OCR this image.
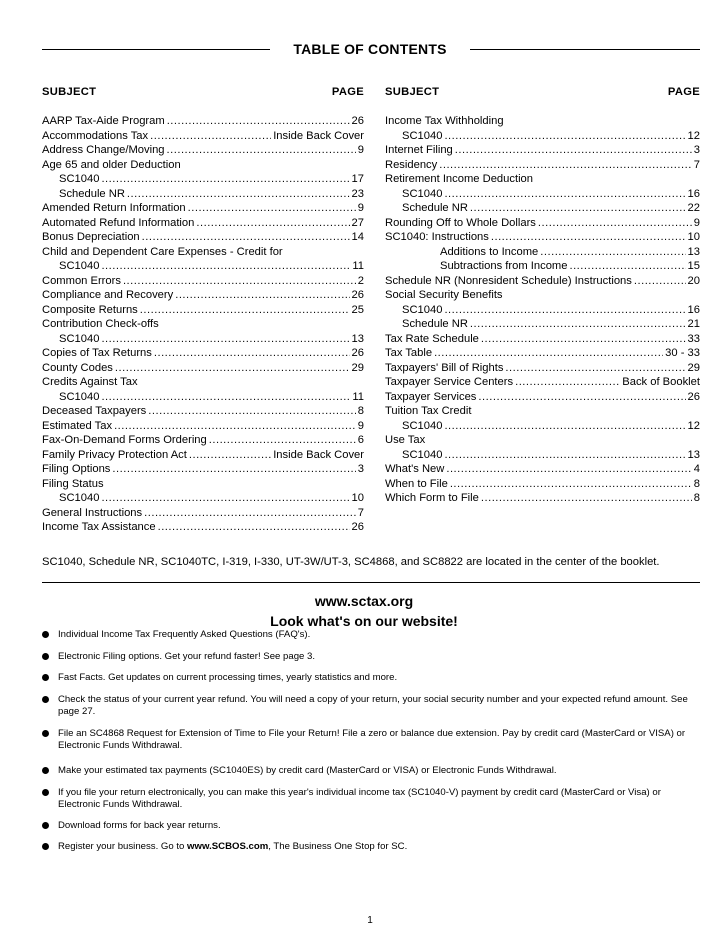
TABLE OF CONTENTS
SUBJECT	PAGE
AARP Tax-Aide Program .....	26
Accommodations Tax .....	Inside Back Cover
Address Change/Moving .....	9
Age 65 and older Deduction
SC1040 .....	17
Schedule NR .....	23
Amended Return Information .....	9
Automated Refund Information .....	27
Bonus Depreciation .....	14
Child and Dependent Care Expenses - Credit for
SC1040 .....	11
Common Errors .....	2
Compliance and Recovery .....	26
Composite Returns .....	25
Contribution Check-offs
SC1040 .....	13
Copies of Tax Returns .....	26
County Codes .....	29
Credits Against Tax
SC1040 .....	11
Deceased Taxpayers .....	8
Estimated Tax .....	9
Fax-On-Demand Forms Ordering .....	6
Family Privacy Protection Act .....	Inside Back Cover
Filing Options .....	3
Filing Status
SC1040 .....	10
General Instructions .....	7
Income Tax Assistance .....	26
SUBJECT	PAGE
Income Tax Withholding
SC1040 .....	12
Internet Filing .....	3
Residency .....	7
Retirement Income Deduction
SC1040 .....	16
Schedule NR .....	22
Rounding Off to Whole Dollars .....	9
SC1040: Instructions .....	10
Additions to Income .....	13
Subtractions from Income .....	15
Schedule NR (Nonresident Schedule) Instructions .....	20
Social Security Benefits
SC1040 .....	16
Schedule NR .....	21
Tax Rate Schedule .....	33
Tax Table .....	30 - 33
Taxpayers' Bill of Rights .....	29
Taxpayer Service Centers .....	Back of Booklet
Taxpayer Services .....	26
Tuition Tax Credit
SC1040 .....	12
Use Tax
SC1040 .....	13
What's New .....	4
When to File .....	8
Which Form to File .....	8
SC1040, Schedule NR, SC1040TC, I-319, I-330, UT-3W/UT-3, SC4868, and SC8822 are located in the center of the booklet.
www.sctax.org
Look what's on our website!
Individual Income Tax Frequently Asked Questions (FAQ's).
Electronic Filing options. Get your refund faster! See page 3.
Fast Facts. Get updates on current processing times, yearly statistics and more.
Check the status of your current year refund. You will need a copy of your return, your social security number and your expected refund amount. See page 27.
File an SC4868 Request for Extension of Time to File your Return! File a zero or balance due extension. Pay by credit card (MasterCard or VISA) or Electronic Funds Withdrawal.
Make your estimated tax payments (SC1040ES) by credit card (MasterCard or VISA) or Electronic Funds Withdrawal.
If you file your return electronically, you can make this year's individual income tax (SC1040-V) payment by credit card (MasterCard or Visa) or Electronic Funds Withdrawal.
Download forms for back year returns.
Register your business. Go to www.SCBOS.com, The Business One Stop for SC.
1
